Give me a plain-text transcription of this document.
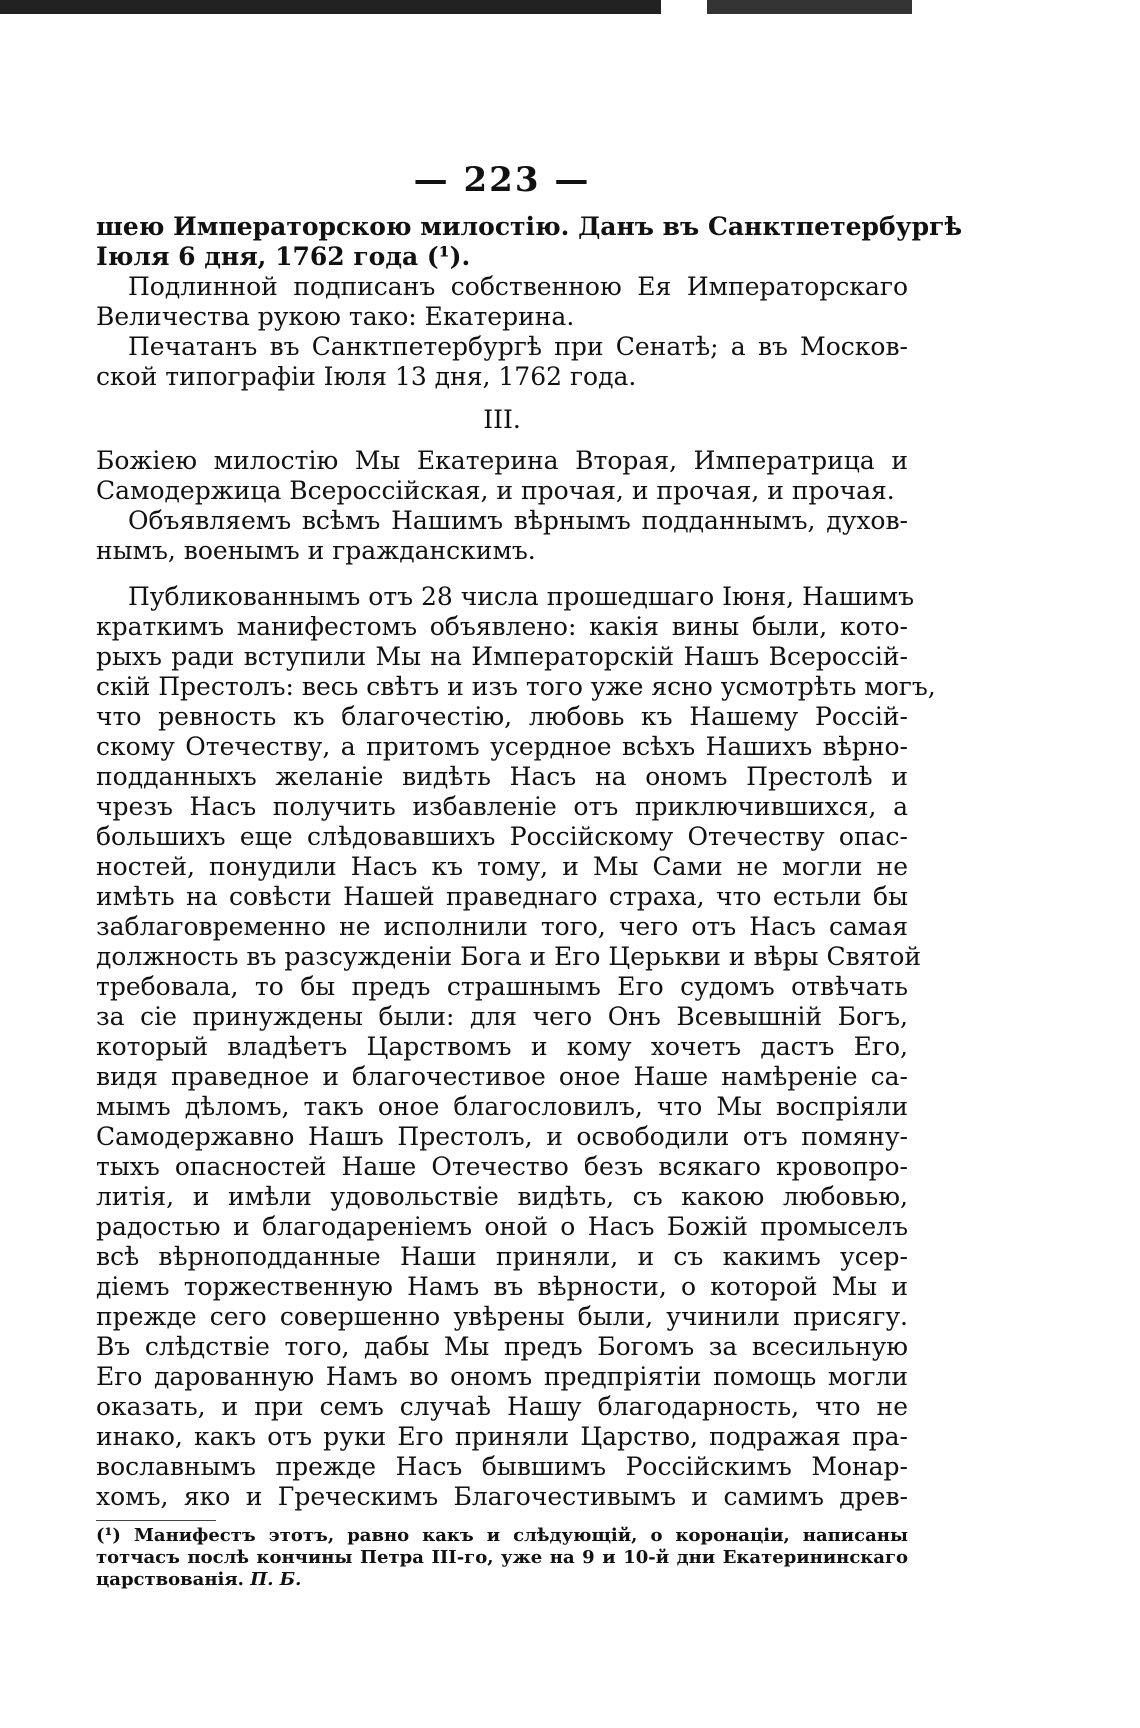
— 223 —
шею Императорскою милостію. Данъ въ Санктпетербургѣ
Іюля 6 дня, 1762 года (¹).
Подлинной подписанъ собственною Ея Императорскаго
Величества рукою тако: Екатерина.
Печатанъ въ Санктпетербургѣ при Сенатѣ; а въ Москов-
ской типографіи Іюля 13 дня, 1762 года.
III.
Божіею милостію Мы Екатерина Вторая, Императрица и
Самодержица Всероссійская, и прочая, и прочая, и прочая.
Объявляемъ всѣмъ Нашимъ вѣрнымъ подданнымъ, духов-
нымъ, военымъ и гражданскимъ.
Публикованнымъ отъ 28 числа прошедшаго Іюня, Нашимъ
краткимъ манифестомъ объявлено: какія вины были, кото-
рыхъ ради вступили Мы на Императорскій Нашъ Всероссій-
скій Престолъ: весь свѣтъ и изъ того уже ясно усмотрѣть могъ,
что ревность къ благочестію, любовь къ Нашему Россій-
скому Отечеству, а притомъ усердное всѣхъ Нашихъ вѣрно-
подданныхъ желаніе видѣть Насъ на ономъ Престолѣ и
чрезъ Насъ получить избавленіе отъ приключившихся, а
большихъ еще слѣдовавшихъ Россійскому Отечеству опас-
ностей, понудили Насъ къ тому, и Мы Сами не могли не
имѣть на совѣсти Нашей праведнаго страха, что естьли бы
заблаговременно не исполнили того, чего отъ Насъ самая
должность въ разсужденіи Бога и Его Церькви и вѣры Святой
требовала, то бы предъ страшнымъ Его судомъ отвѣчать
за сіе принуждены были: для чего Онъ Всевышній Богъ,
который владѣетъ Царствомъ и кому хочетъ дастъ Его,
видя праведное и благочестивое оное Наше намѣреніе са-
мымъ дѣломъ, такъ оное благословилъ, что Мы воспріяли
Самодержавно Нашъ Престолъ, и освободили отъ помяну-
тыхъ опасностей Наше Отечество безъ всякаго кровопро-
литія, и имѣли удовольствіе видѣть, съ какою любовью,
радостью и благодареніемъ оной о Насъ Божій промыселъ
всѣ вѣрноподданные Наши приняли, и съ какимъ усер-
діемъ торжественную Намъ въ вѣрности, о которой Мы и
прежде сего совершенно увѣрены были, учинили присягу.
Въ слѣдствіе того, дабы Мы предъ Богомъ за всесильную
Его дарованную Намъ во ономъ предпріятіи помощь могли
оказать, и при семъ случаѣ Нашу благодарность, что не
инако, какъ отъ руки Его приняли Царство, подражая пра-
вославнымъ прежде Насъ бывшимъ Россійскимъ Монар-
хомъ, яко и Греческимъ Благочестивымъ и самимъ древ-
(¹) Манифестъ этотъ, равно какъ и слѣдующій, о коронаціи, написаны
тотчасъ послѣ кончины Петра III-го, уже на 9 и 10-й дни Екатерининскаго
царствованія. П. Б.
